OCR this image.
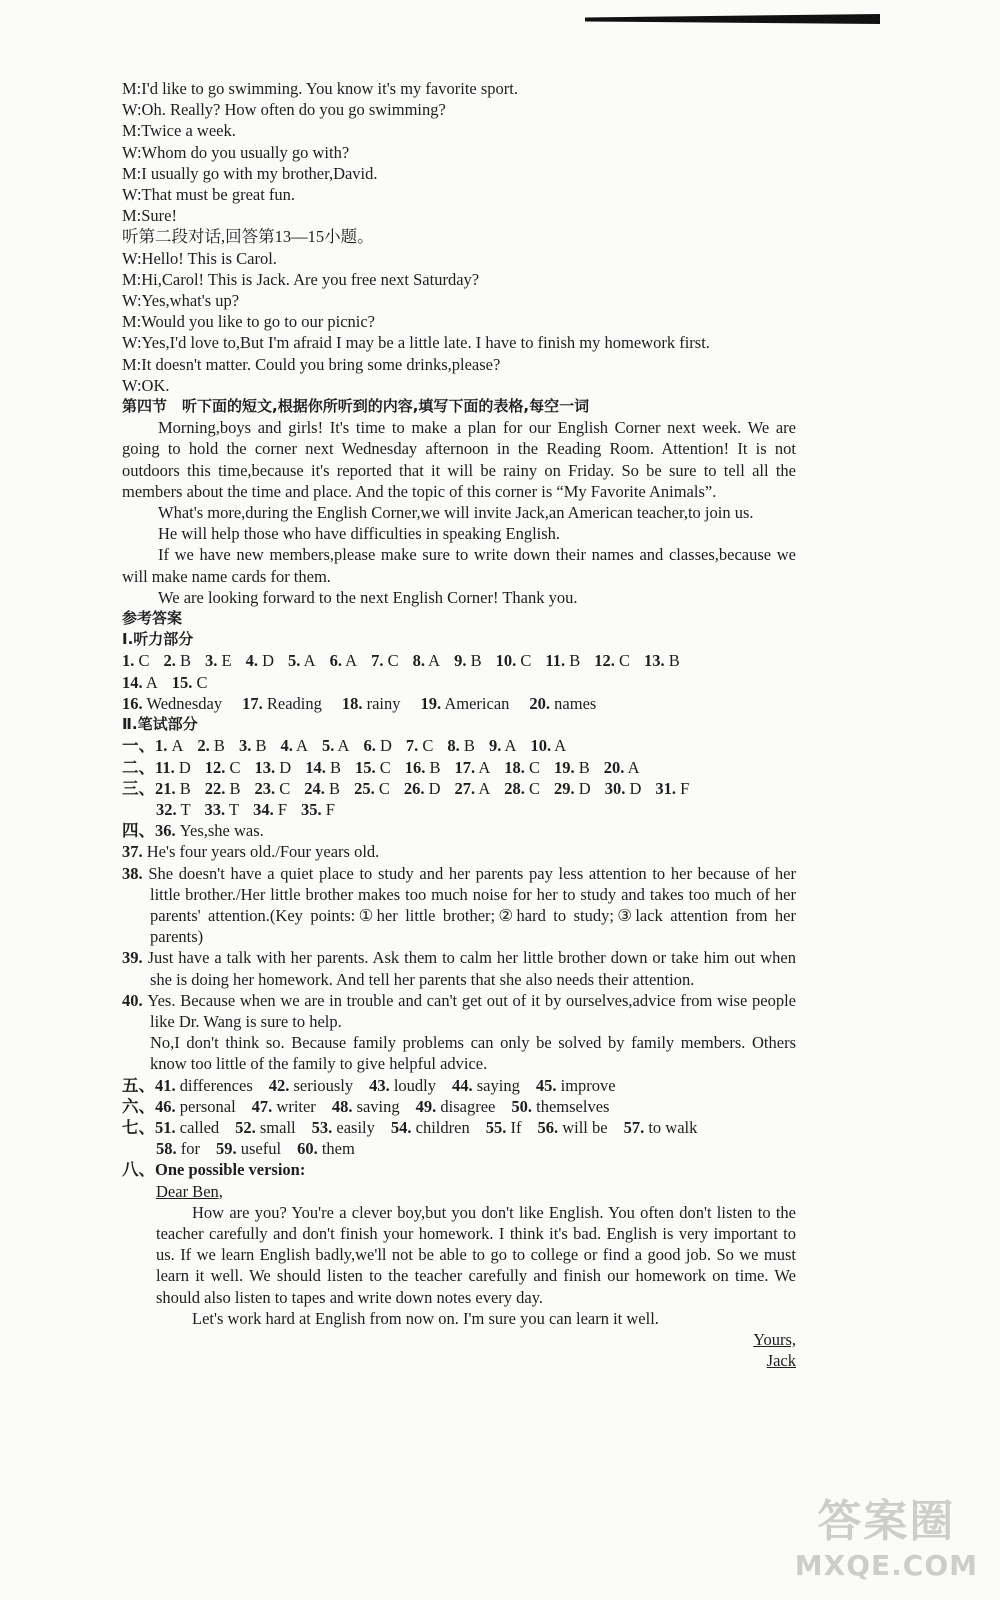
M:I'd like to go swimming. You know it's my favorite sport.
W:Oh. Really? How often do you go swimming?
M:Twice a week.
W:Whom do you usually go with?
M:I usually go with my brother,David.
W:That must be great fun.
M:Sure!
听第二段对话,回答第13—15小题。
W:Hello! This is Carol.
M:Hi,Carol! This is Jack. Are you free next Saturday?
W:Yes,what's up?
M:Would you like to go to our picnic?
W:Yes,I'd love to,But I'm afraid I may be a little late. I have to finish my homework first.
M:It doesn't matter. Could you bring some drinks,please?
W:OK.
第四节　听下面的短文,根据你所听到的内容,填写下面的表格,每空一词
Morning,boys and girls! It's time to make a plan for our English Corner next week. We are going to hold the corner next Wednesday afternoon in the Reading Room. Attention! It is not outdoors this time,because it's reported that it will be rainy on Friday. So be sure to tell all the members about the time and place. And the topic of this corner is “My Favorite Animals”.
What's more,during the English Corner,we will invite Jack,an American teacher,to join us.
He will help those who have difficulties in speaking English.
If we have new members,please make sure to write down their names and classes,because we will make name cards for them.
We are looking forward to the next English Corner! Thank you.
参考答案
Ⅰ.听力部分
1. C 2. B 3. E 4. D 5. A 6. A 7. C 8. A 9. B 10. C 11. B 12. C 13. B
14. A 15. C
16. Wednesday 17. Reading 18. rainy 19. American 20. names
Ⅱ.笔试部分
一、1. A 2. B 3. B 4. A 5. A 6. D 7. C 8. B 9. A 10. A
二、11. D 12. C 13. D 14. B 15. C 16. B 17. A 18. C 19. B 20. A
三、21. B 22. B 23. C 24. B 25. C 26. D 27. A 28. C 29. D 30. D 31. F
32. T 33. T 34. F 35. F
四、36. Yes,she was.
37. He's four years old./Four years old.
38. She doesn't have a quiet place to study and her parents pay less attention to her because of her little brother./Her little brother makes too much noise for her to study and takes too much of her parents' attention.(Key points:①her little brother;②hard to study;③lack attention from her parents)
39. Just have a talk with her parents. Ask them to calm her little brother down or take him out when she is doing her homework. And tell her parents that she also needs their attention.
40. Yes. Because when we are in trouble and can't get out of it by ourselves,advice from wise people like Dr. Wang is sure to help.
No,I don't think so. Because family problems can only be solved by family members. Others know too little of the family to give helpful advice.
五、41. differences 42. seriously 43. loudly 44. saying 45. improve
六、46. personal 47. writer 48. saving 49. disagree 50. themselves
七、51. called 52. small 53. easily 54. children 55. If 56. will be 57. to walk
58. for 59. useful 60. them
八、One possible version:
Dear Ben,
How are you? You're a clever boy,but you don't like English. You often don't listen to the teacher carefully and don't finish your homework. I think it's bad. English is very important to us. If we learn English badly,we'll not be able to go to college or find a good job. So we must learn it well. We should listen to the teacher carefully and finish our homework on time. We should also listen to tapes and write down notes every day.
Let's work hard at English from now on. I'm sure you can learn it well.
Yours,
Jack
答案圈
MXQE.COM
